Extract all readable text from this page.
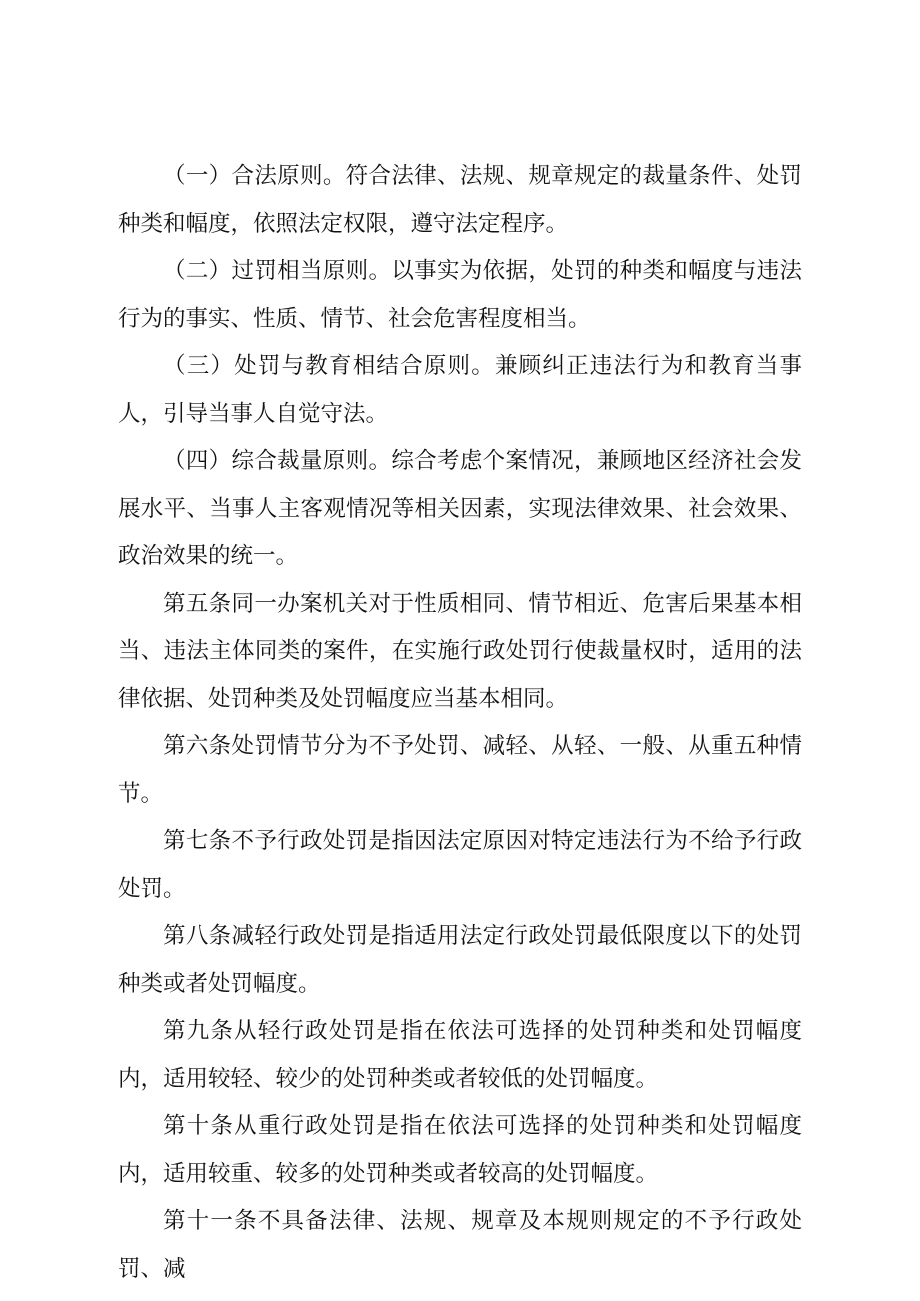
（一）合法原则。符合法律、法规、规章规定的裁量条件、处罚种类和幅度，依照法定权限，遵守法定程序。

（二）过罚相当原则。以事实为依据，处罚的种类和幅度与违法行为的事实、性质、情节、社会危害程度相当。

（三）处罚与教育相结合原则。兼顾纠正违法行为和教育当事人，引导当事人自觉守法。

（四）综合裁量原则。综合考虑个案情况，兼顾地区经济社会发展水平、当事人主客观情况等相关因素，实现法律效果、社会效果、政治效果的统一。

第五条同一办案机关对于性质相同、情节相近、危害后果基本相当、违法主体同类的案件，在实施行政处罚行使裁量权时，适用的法律依据、处罚种类及处罚幅度应当基本相同。

第六条处罚情节分为不予处罚、减轻、从轻、一般、从重五种情节。

第七条不予行政处罚是指因法定原因对特定违法行为不给予行政处罚。

第八条减轻行政处罚是指适用法定行政处罚最低限度以下的处罚种类或者处罚幅度。

第九条从轻行政处罚是指在依法可选择的处罚种类和处罚幅度内，适用较轻、较少的处罚种类或者较低的处罚幅度。

第十条从重行政处罚是指在依法可选择的处罚种类和处罚幅度内，适用较重、较多的处罚种类或者较高的处罚幅度。

第十一条不具备法律、法规、规章及本规则规定的不予行政处罚、减
